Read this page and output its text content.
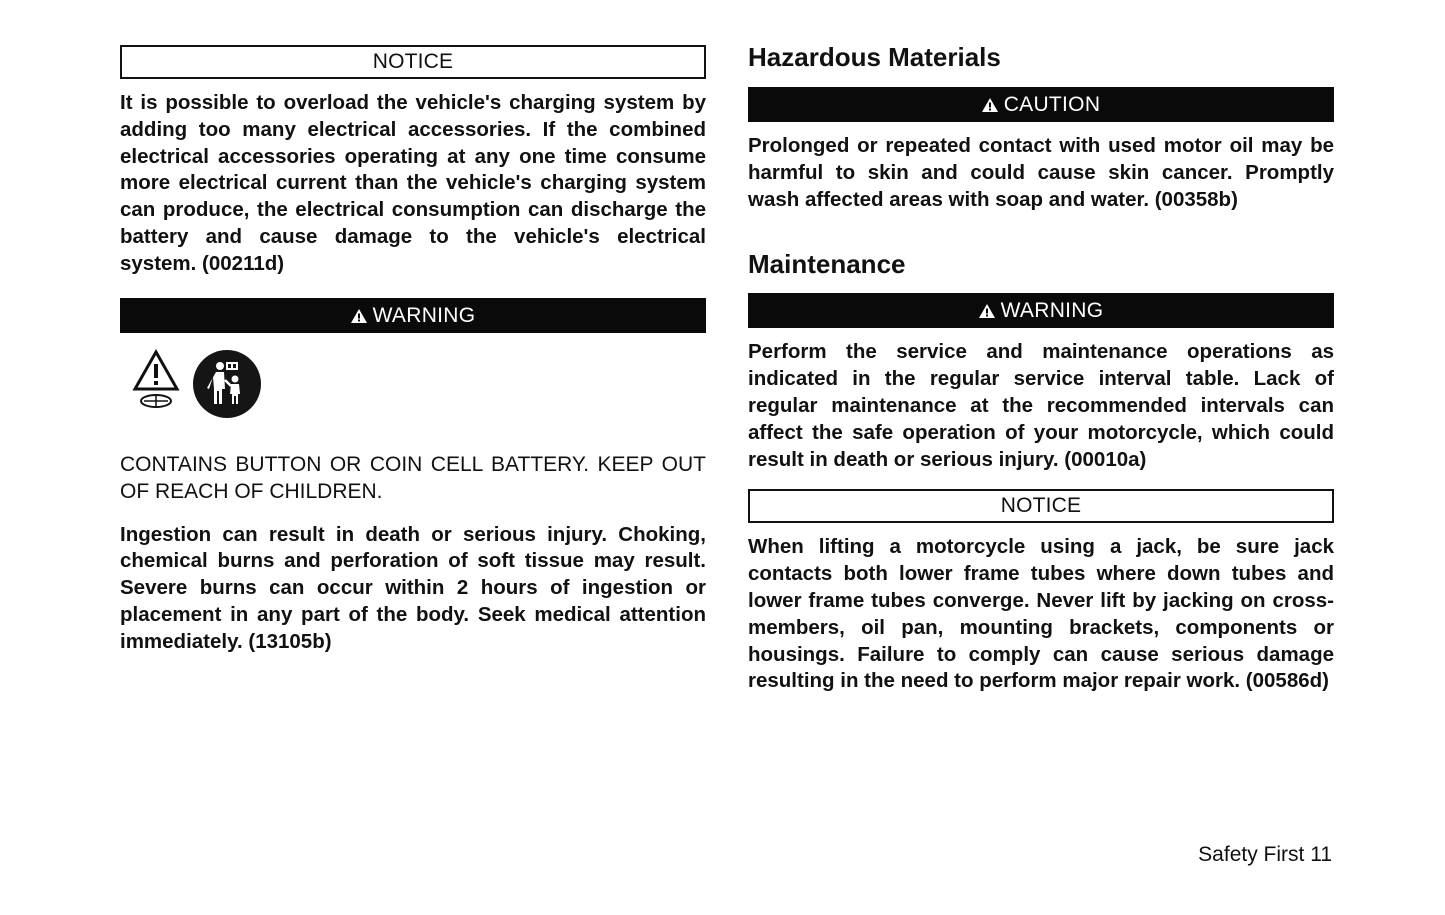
NOTICE

It is possible to overload the vehicle's charging system by adding too many electrical accessories. If the combined electrical accessories operating at any one time consume more electrical current than the vehicle's charging system can produce, the electrical consumption can discharge the battery and cause damage to the vehicle's electrical system. (00211d)

WARNING

CONTAINS BUTTON OR COIN CELL BATTERY. KEEP OUT OF REACH OF CHILDREN.

Ingestion can result in death or serious injury. Choking, chemical burns and perforation of soft tissue may result. Severe burns can occur within 2 hours of ingestion or placement in any part of the body. Seek medical attention immediately. (13105b)

Hazardous Materials
CAUTION

Prolonged or repeated contact with used motor oil may be harmful to skin and could cause skin cancer. Promptly wash affected areas with soap and water. (00358b)

Maintenance
WARNING

Perform the service and maintenance operations as indicated in the regular service interval table. Lack of regular maintenance at the recommended intervals can affect the safe operation of your motorcycle, which could result in death or serious injury. (00010a)

NOTICE

When lifting a motorcycle using a jack, be sure jack contacts both lower frame tubes where down tubes and lower frame tubes converge. Never lift by jacking on cross-members, oil pan, mounting brackets, components or housings. Failure to comply can cause serious damage resulting in the need to perform major repair work. (00586d)

Safety First 11
